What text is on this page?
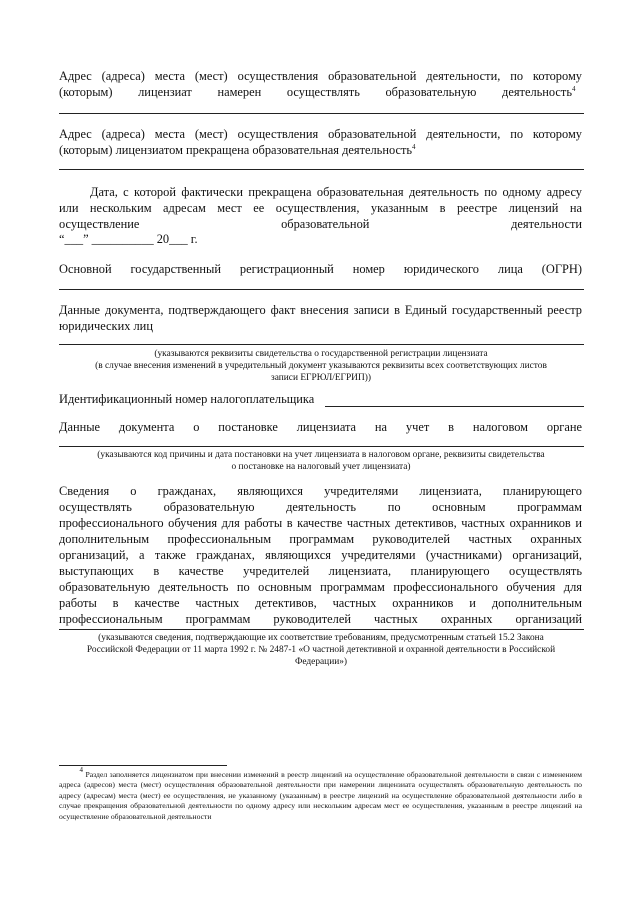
Адрес (адреса) места (мест) осуществления образовательной деятельности, по которому
(которым) лицензиат намерен осуществлять образовательную деятельность$^4$
Адрес (адреса) места (мест) осуществления образовательной деятельности, по которому
(которым) лицензиатом прекращена образовательная деятельность$^4$
Дата, с которой фактически прекращена образовательная деятельность по одному адресу
или нескольким адресам мест ее осуществления, указанным в реестре лицензий на
осуществление образовательной деятельности
“___” __________ 20___ г.
Основной государственный регистрационный номер юридического лица (ОГРН)
Данные документа, подтверждающего факт внесения записи в Единый государственный реестр
юридических лиц
(указываются реквизиты свидетельства о государственной регистрации лицензиата
(в случае внесения изменений в учредительный документ указываются реквизиты всех соответствующих листов
записи ЕГРЮЛ/ЕГРИП))
Идентификационный номер налогоплательщика
Данные документа о постановке лицензиата на учет в налоговом органе
(указываются код причины и дата постановки на учет лицензиата в налоговом органе, реквизиты свидетельства
о постановке на налоговый учет лицензиата)
Сведения о гражданах, являющихся учредителями лицензиата, планирующего
осуществлять образовательную деятельность по основным программам
профессионального обучения для работы в качестве частных детективов, частных охранников и
дополнительным профессиональным программам руководителей частных охранных
организаций, а также гражданах, являющихся учредителями (участниками) организаций,
выступающих в качестве учредителей лицензиата, планирующего осуществлять
образовательную деятельность по основным программам профессионального обучения для
работы в качестве частных детективов, частных охранников и дополнительным
профессиональным программам руководителей частных охранных организаций
(указываются сведения, подтверждающие их соответствие требованиям, предусмотренным статьей 15.2 Закона
Российской Федерации от 11 марта 1992 г. № 2487-1 «О частной детективной и охранной деятельности в Российской
Федерации»)
$^4$ Раздел заполняется лицензиатом при внесении изменений в реестр лицензий на осуществление образовательной деятельности в связи с изменением адреса (адресов) места (мест) осуществления образовательной деятельности при намерении лицензиата осуществлять образовательную деятельность по адресу (адресам) места (мест) ее осуществления, не указанному (указанным) в реестре лицензий на осуществление образовательной деятельности либо в случае прекращения образовательной деятельности по одному адресу или нескольким адресам мест ее осуществления, указанным в реестре лицензий на осуществление образовательной деятельности
